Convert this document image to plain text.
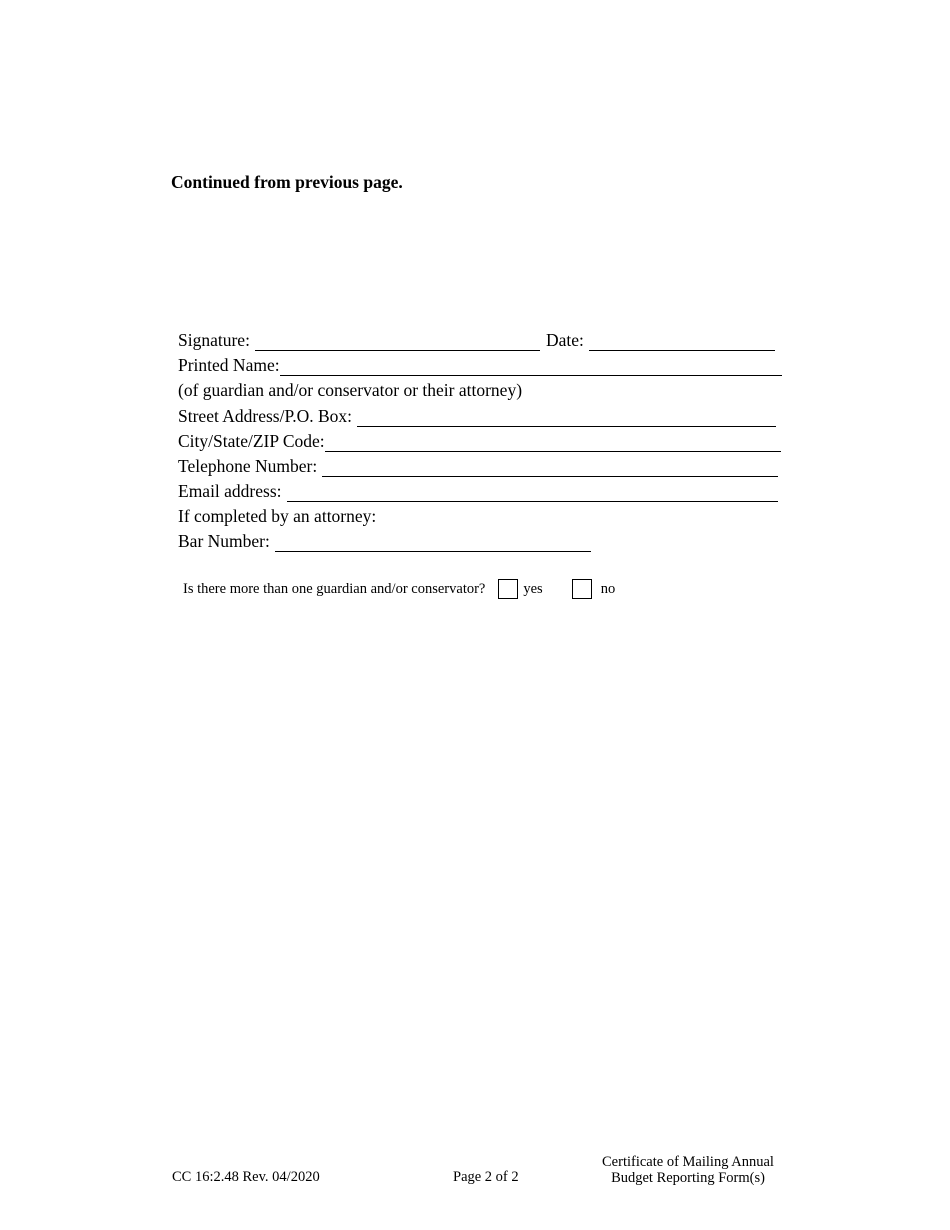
Continued from previous page.

Signature:	Date:
Printed Name:
(of guardian and/or conservator or their attorney)
Street Address/P.O. Box:
City/State/ZIP Code:
Telephone Number:
Email address:
If completed by an attorney:
Bar Number:
Is there more than one guardian and/or conservator?	yes	no
CC 16:2.48 Rev. 04/2020	Page 2 of 2
Certificate of Mailing Annual
Budget Reporting Form(s)
